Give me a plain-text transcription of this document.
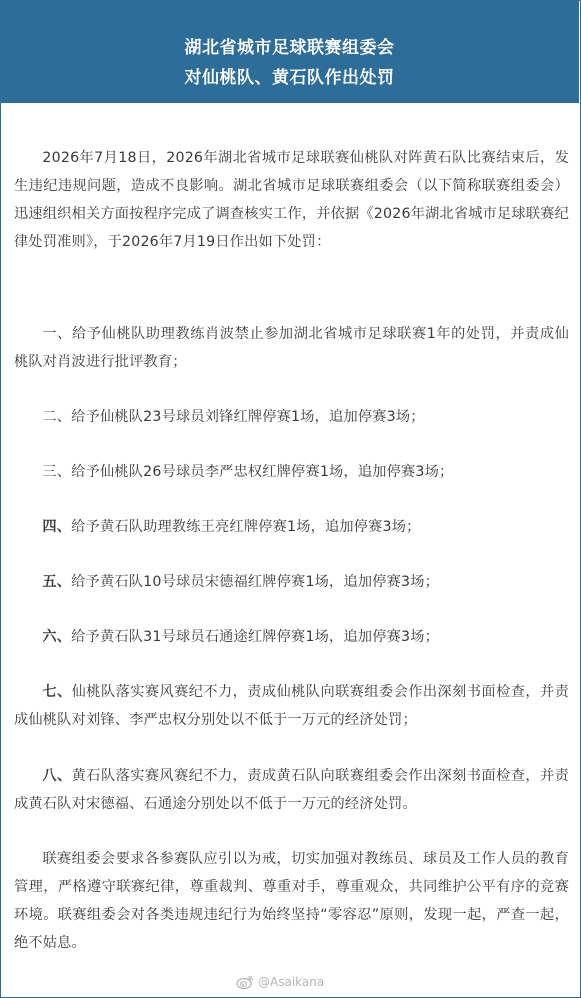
湖北省城市足球联赛组委会
对仙桃队、黄石队作出处罚
2026年7月18日，2026年湖北省城市足球联赛仙桃队对阵黄石队比赛结束后，发生违纪违规问题，造成不良影响。湖北省城市足球联赛组委会（以下简称联赛组委会）迅速组织相关方面按程序完成了调查核实工作，并依据《2026年湖北省城市足球联赛纪律处罚准则》，于2026年7月19日作出如下处罚：
一、给予仙桃队助理教练肖波禁止参加湖北省城市足球联赛1年的处罚，并责成仙桃队对肖波进行批评教育；
二、给予仙桃队23号球员刘锋红牌停赛1场，追加停赛3场；
三、给予仙桃队26号球员李严忠权红牌停赛1场，追加停赛3场；
四、给予黄石队助理教练王亮红牌停赛1场，追加停赛3场；
五、给予黄石队10号球员宋德福红牌停赛1场，追加停赛3场；
六、给予黄石队31号球员石通途红牌停赛1场，追加停赛3场；
七、仙桃队落实赛风赛纪不力，责成仙桃队向联赛组委会作出深刻书面检查，并责成仙桃队对刘锋、李严忠权分别处以不低于一万元的经济处罚；
八、黄石队落实赛风赛纪不力，责成黄石队向联赛组委会作出深刻书面检查，并责成黄石队对宋德福、石通途分别处以不低于一万元的经济处罚。
联赛组委会要求各参赛队应引以为戒，切实加强对教练员、球员及工作人员的教育管理，严格遵守联赛纪律，尊重裁判、尊重对手，尊重观众，共同维护公平有序的竞赛环境。联赛组委会对各类违规违纪行为始终坚持“零容忍”原则，发现一起，严查一起，绝不姑息。
@Asaikana
